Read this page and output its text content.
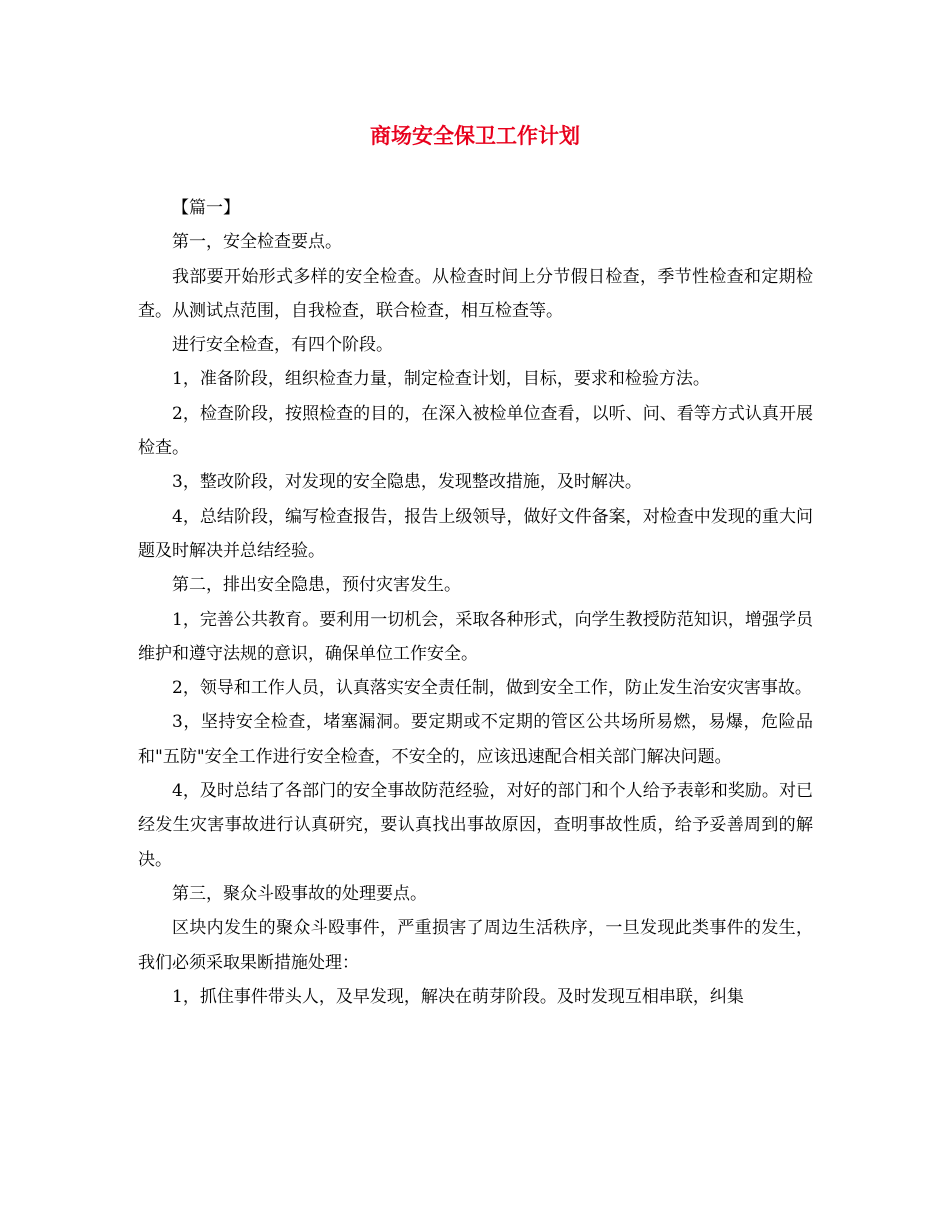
商场安全保卫工作计划

【篇一】

第一，安全检查要点。

我部要开始形式多样的安全检查。从检查时间上分节假日检查，季节性检查和定期检查。从测试点范围，自我检查，联合检查，相互检查等。

进行安全检查，有四个阶段。

1，准备阶段，组织检查力量，制定检查计划，目标，要求和检验方法。

2，检查阶段，按照检查的目的，在深入被检单位查看，以听、问、看等方式认真开展检查。

3，整改阶段，对发现的安全隐患，发现整改措施，及时解决。

4，总结阶段，编写检查报告，报告上级领导，做好文件备案，对检查中发现的重大问题及时解决并总结经验。

第二，排出安全隐患，预付灾害发生。

1，完善公共教育。要利用一切机会，采取各种形式，向学生教授防范知识，增强学员维护和遵守法规的意识，确保单位工作安全。

2，领导和工作人员，认真落实安全责任制，做到安全工作，防止发生治安灾害事故。

3，坚持安全检查，堵塞漏洞。要定期或不定期的管区公共场所易燃，易爆，危险品和"五防"安全工作进行安全检查，不安全的，应该迅速配合相关部门解决问题。

4，及时总结了各部门的安全事故防范经验，对好的部门和个人给予表彰和奖励。对已经发生灾害事故进行认真研究，要认真找出事故原因，查明事故性质，给予妥善周到的解决。

第三，聚众斗殴事故的处理要点。

区块内发生的聚众斗殴事件，严重损害了周边生活秩序，一旦发现此类事件的发生，我们必须采取果断措施处理：

1，抓住事件带头人，及早发现，解决在萌芽阶段。及时发现互相串联，纠集
